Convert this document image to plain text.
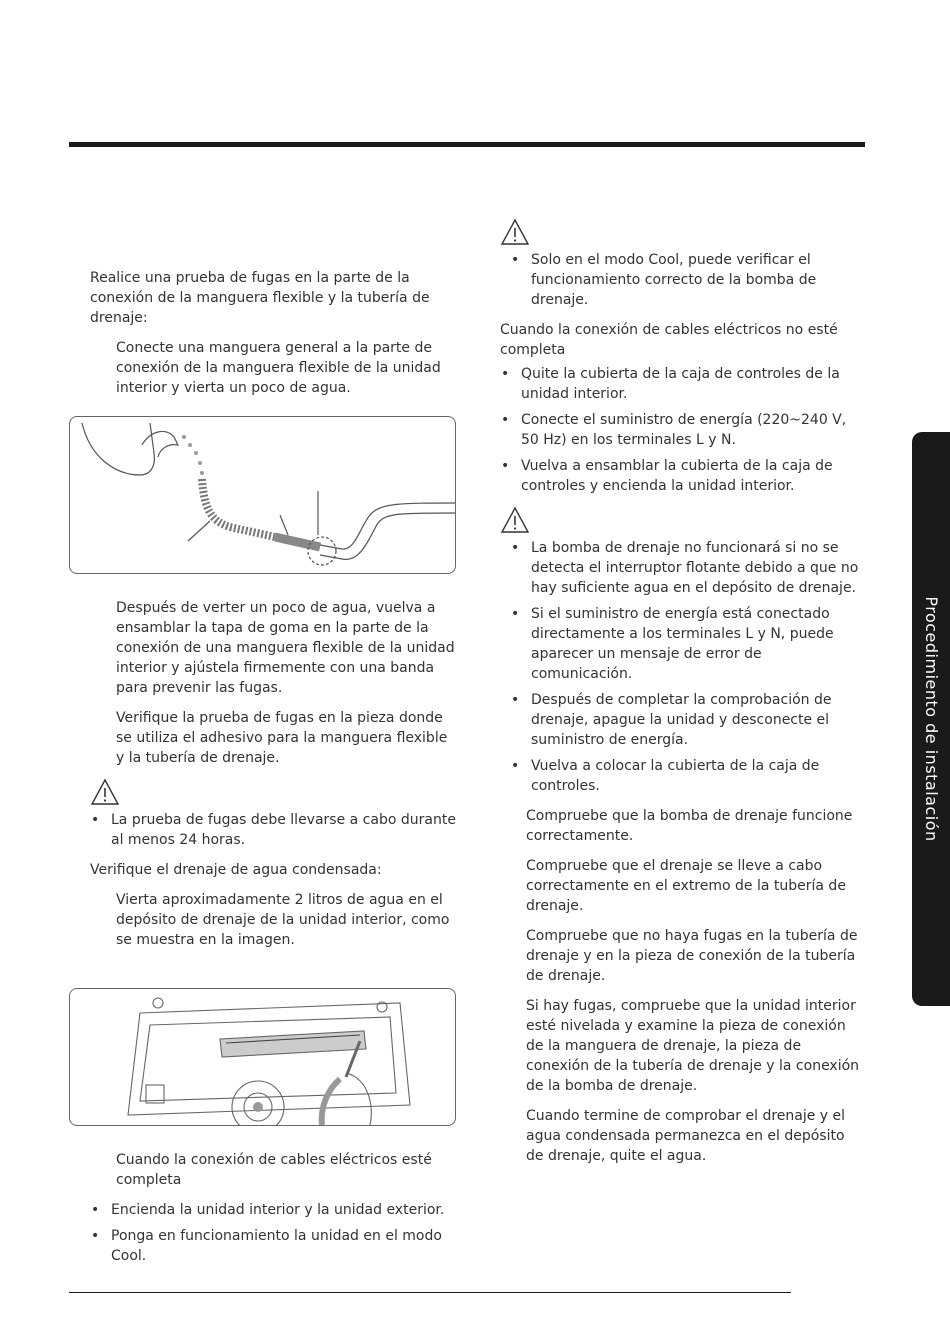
Realice una prueba de fugas en la parte de la conexión de la manguera flexible y la tubería de drenaje:

Conecte una manguera general a la parte de conexión de la manguera flexible de la unidad interior y vierta un poco de agua.

Después de verter un poco de agua, vuelva a ensamblar la tapa de goma en la parte de la conexión de una manguera flexible de la unidad interior y ajústela firmemente con una banda para prevenir las fugas.

Verifique la prueba de fugas en la pieza donde se utiliza el adhesivo para la manguera flexible y la tubería de drenaje.

• La prueba de fugas debe llevarse a cabo durante al menos 24 horas.

Verifique el drenaje de agua condensada:

Vierta aproximadamente 2 litros de agua en el depósito de drenaje de la unidad interior, como se muestra en la imagen.

Cuando la conexión de cables eléctricos esté completa

• Encienda la unidad interior y la unidad exterior.
• Ponga en funcionamiento la unidad en el modo Cool.
• Solo en el modo Cool, puede verificar el funcionamiento correcto de la bomba de drenaje.

Cuando la conexión de cables eléctricos no esté completa

• Quite la cubierta de la caja de controles de la unidad interior.
• Conecte el suministro de energía (220~240 V, 50 Hz) en los terminales L y N.
• Vuelva a ensamblar la cubierta de la caja de controles y encienda la unidad interior.
• La bomba de drenaje no funcionará si no se detecta el interruptor flotante debido a que no hay suficiente agua en el depósito de drenaje.
• Si el suministro de energía está conectado directamente a los terminales L y N, puede aparecer un mensaje de error de comunicación.
• Después de completar la comprobación de drenaje, apague la unidad y desconecte el suministro de energía.
• Vuelva a colocar la cubierta de la caja de controles.

Compruebe que la bomba de drenaje funcione correctamente.

Compruebe que el drenaje se lleve a cabo correctamente en el extremo de la tubería de drenaje.

Compruebe que no haya fugas en la tubería de drenaje y en la pieza de conexión de la tubería de drenaje.

Si hay fugas, compruebe que la unidad interior esté nivelada y examine la pieza de conexión de la manguera de drenaje, la pieza de conexión de la tubería de drenaje y la conexión de la bomba de drenaje.

Cuando termine de comprobar el drenaje y el agua condensada permanezca en el depósito de drenaje, quite el agua.

Procedimiento de instalación
